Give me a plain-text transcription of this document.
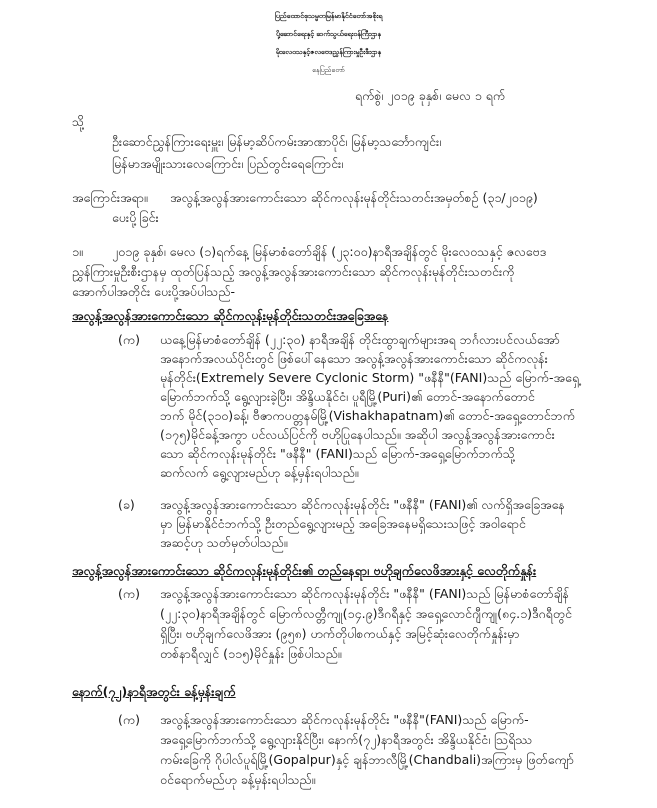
ပြည်ထောင်စုသမ္မတမြန်မာနိုင်ငံတော်အစိုးရ
ပို့ဆောင်ရေးနှင့် ဆက်သွယ်ရေးဝန်ကြီးဌာန
မိုးလေဝသနှင့်ဇလဗေဒညွှန်ကြားမှုဦးစီးဌာန
နေပြည်တော်
ရက်စွဲ၊ ၂၀၁၉ ခုနှစ်၊ မေလ ၁ ရက်
သို့
ဦးဆောင်ညွှန်ကြားရေးမှူး၊ မြန်မာ့ဆိပ်ကမ်းအာဏာပိုင်၊ မြန်မာ့သင်္ဘောကျင်း၊
မြန်မာအမျိုးသားလေကြောင်း၊ ပြည်တွင်းရေကြောင်း၊
အကြောင်းအရာ။ အလွန့်အလွန်အားကောင်းသော ဆိုင်ကလုန်းမုန်တိုင်းသတင်းအမှတ်စဉ် (၃၁/၂၀၁၉)
ပေးပို့ခြင်း
၁။ ၂၀၁၉ ခုနှစ်၊ မေလ (၁)ရက်နေ့ မြန်မာစံတော်ချိန် (၂၃:၀၀)နာရီအချိန်တွင် မိုးလေဝသနှင့် ဇလဗေဒ
ညွှန်ကြားမှုဦးစီးဌာနမှ ထုတ်ပြန်သည့် အလွန့်အလွန်အားကောင်းသော ဆိုင်ကလုန်းမုန်တိုင်းသတင်းကို
အောက်ပါအတိုင်း ပေးပို့အပ်ပါသည်-
အလွန့်အလွန်အားကောင်းသော ဆိုင်ကလုန်းမုန်တိုင်းသတင်းအခြေအနေ
(က) ယနေ့မြန်မာစံတော်ချိန် (၂၂:၃၀) နာရီအချိန် တိုင်းထွာချက်များအရ ဘင်္ဂလားပင်လယ်အော်
အနောက်အလယ်ပိုင်းတွင် ဖြစ်ပေါ်နေသော အလွန့်အလွန်အားကောင်းသော ဆိုင်ကလုန်း
မုန်တိုင်း(Extremely Severe Cyclonic Storm) "ဖနီနီ"(FANI)သည် မြောက်-အရှေ့
မြောက်ဘက်သို့ ရွေ့လျားခဲ့ပြီး၊ အိန္ဒိယနိုင်ငံ၊ ပူရီမြို့(Puri)၏ တောင်-အနောက်တောင်
ဘက် မိုင်(၃၁၀)ခန့်၊ ဗီဇာကပတ္တနမ်မြို့(Vishakhapatnam)၏ တောင်-အရှေ့တောင်ဘက်
(၁၇၅)မိုင်ခန့်အကွာ ပင်လယ်ပြင်ကို ဗဟိုပြုနေပါသည်။ အဆိုပါ အလွန့်အလွန်အားကောင်း
သော ဆိုင်ကလုန်းမုန်တိုင်း "ဖနီနီ" (FANI)သည် မြောက်-အရှေ့မြောက်ဘက်သို့
ဆက်လက် ရွေ့လျားမည်ဟု ခန့်မှန်းရပါသည်။
(ခ) အလွန့်အလွန်အားကောင်းသော ဆိုင်ကလုန်းမုန်တိုင်း "ဖနီနီ" (FANI)၏ လက်ရှိအခြေအနေ
မှာ မြန်မာနိုင်ငံဘက်သို့ ဦးတည်ရွေ့လျားမည့် အခြေအနေမရှိသေးသဖြင့် အဝါရောင်
အဆင့်ဟု သတ်မှတ်ပါသည်။
အလွန့်အလွန်အားကောင်းသော ဆိုင်ကလုန်းမုန်တိုင်း၏ တည်နေရာ၊ ဗဟိုချက်လေဖိအားနှင့် လေတိုက်နှုန်း
(က) အလွန့်အလွန်အားကောင်းသော ဆိုင်ကလုန်းမုန်တိုင်း "ဖနီနီ" (FANI)သည် မြန်မာစံတော်ချိန်
(၂၂:၃၀)နာရီအချိန်တွင် မြောက်လတ္တီကျု(၁၄.၉)ဒီဂရီနှင့် အရှေ့လောင်ဂျီကျု(၈၄.၁)ဒီဂရီတွင်
ရှိပြီး၊ ဗဟိုချက်လေဖိအား (၉၅၈) ဟက်တိုပါစကယ်နှင့် အမြင့်ဆုံးလေတိုက်နှုန်းမှာ
တစ်နာရီလျှင် (၁၁၅)မိုင်နှုန်း ဖြစ်ပါသည်။
နောက်(၇၂)နာရီအတွင်း ခန့်မှန်းချက်
(က) အလွန့်အလွန်အားကောင်းသော ဆိုင်ကလုန်းမုန်တိုင်း "ဖနီနီ"(FANI)သည် မြောက်-
အရှေ့မြောက်ဘက်သို့ ရွေ့လျားနိုင်ပြီး၊ နောက်(၇၂)နာရီအတွင်း အိန္ဒိယနိုင်ငံ၊ ဩရိဿ
ကမ်းခြေကို ဂိုပါလ်ပူရ်မြို့(Gopalpur)နှင့် ချန်ဘာလီမြို့(Chandbali)အကြားမှ ဖြတ်ကျော်
ဝင်ရောက်မည်ဟု ခန့်မှန်းရပါသည်။
